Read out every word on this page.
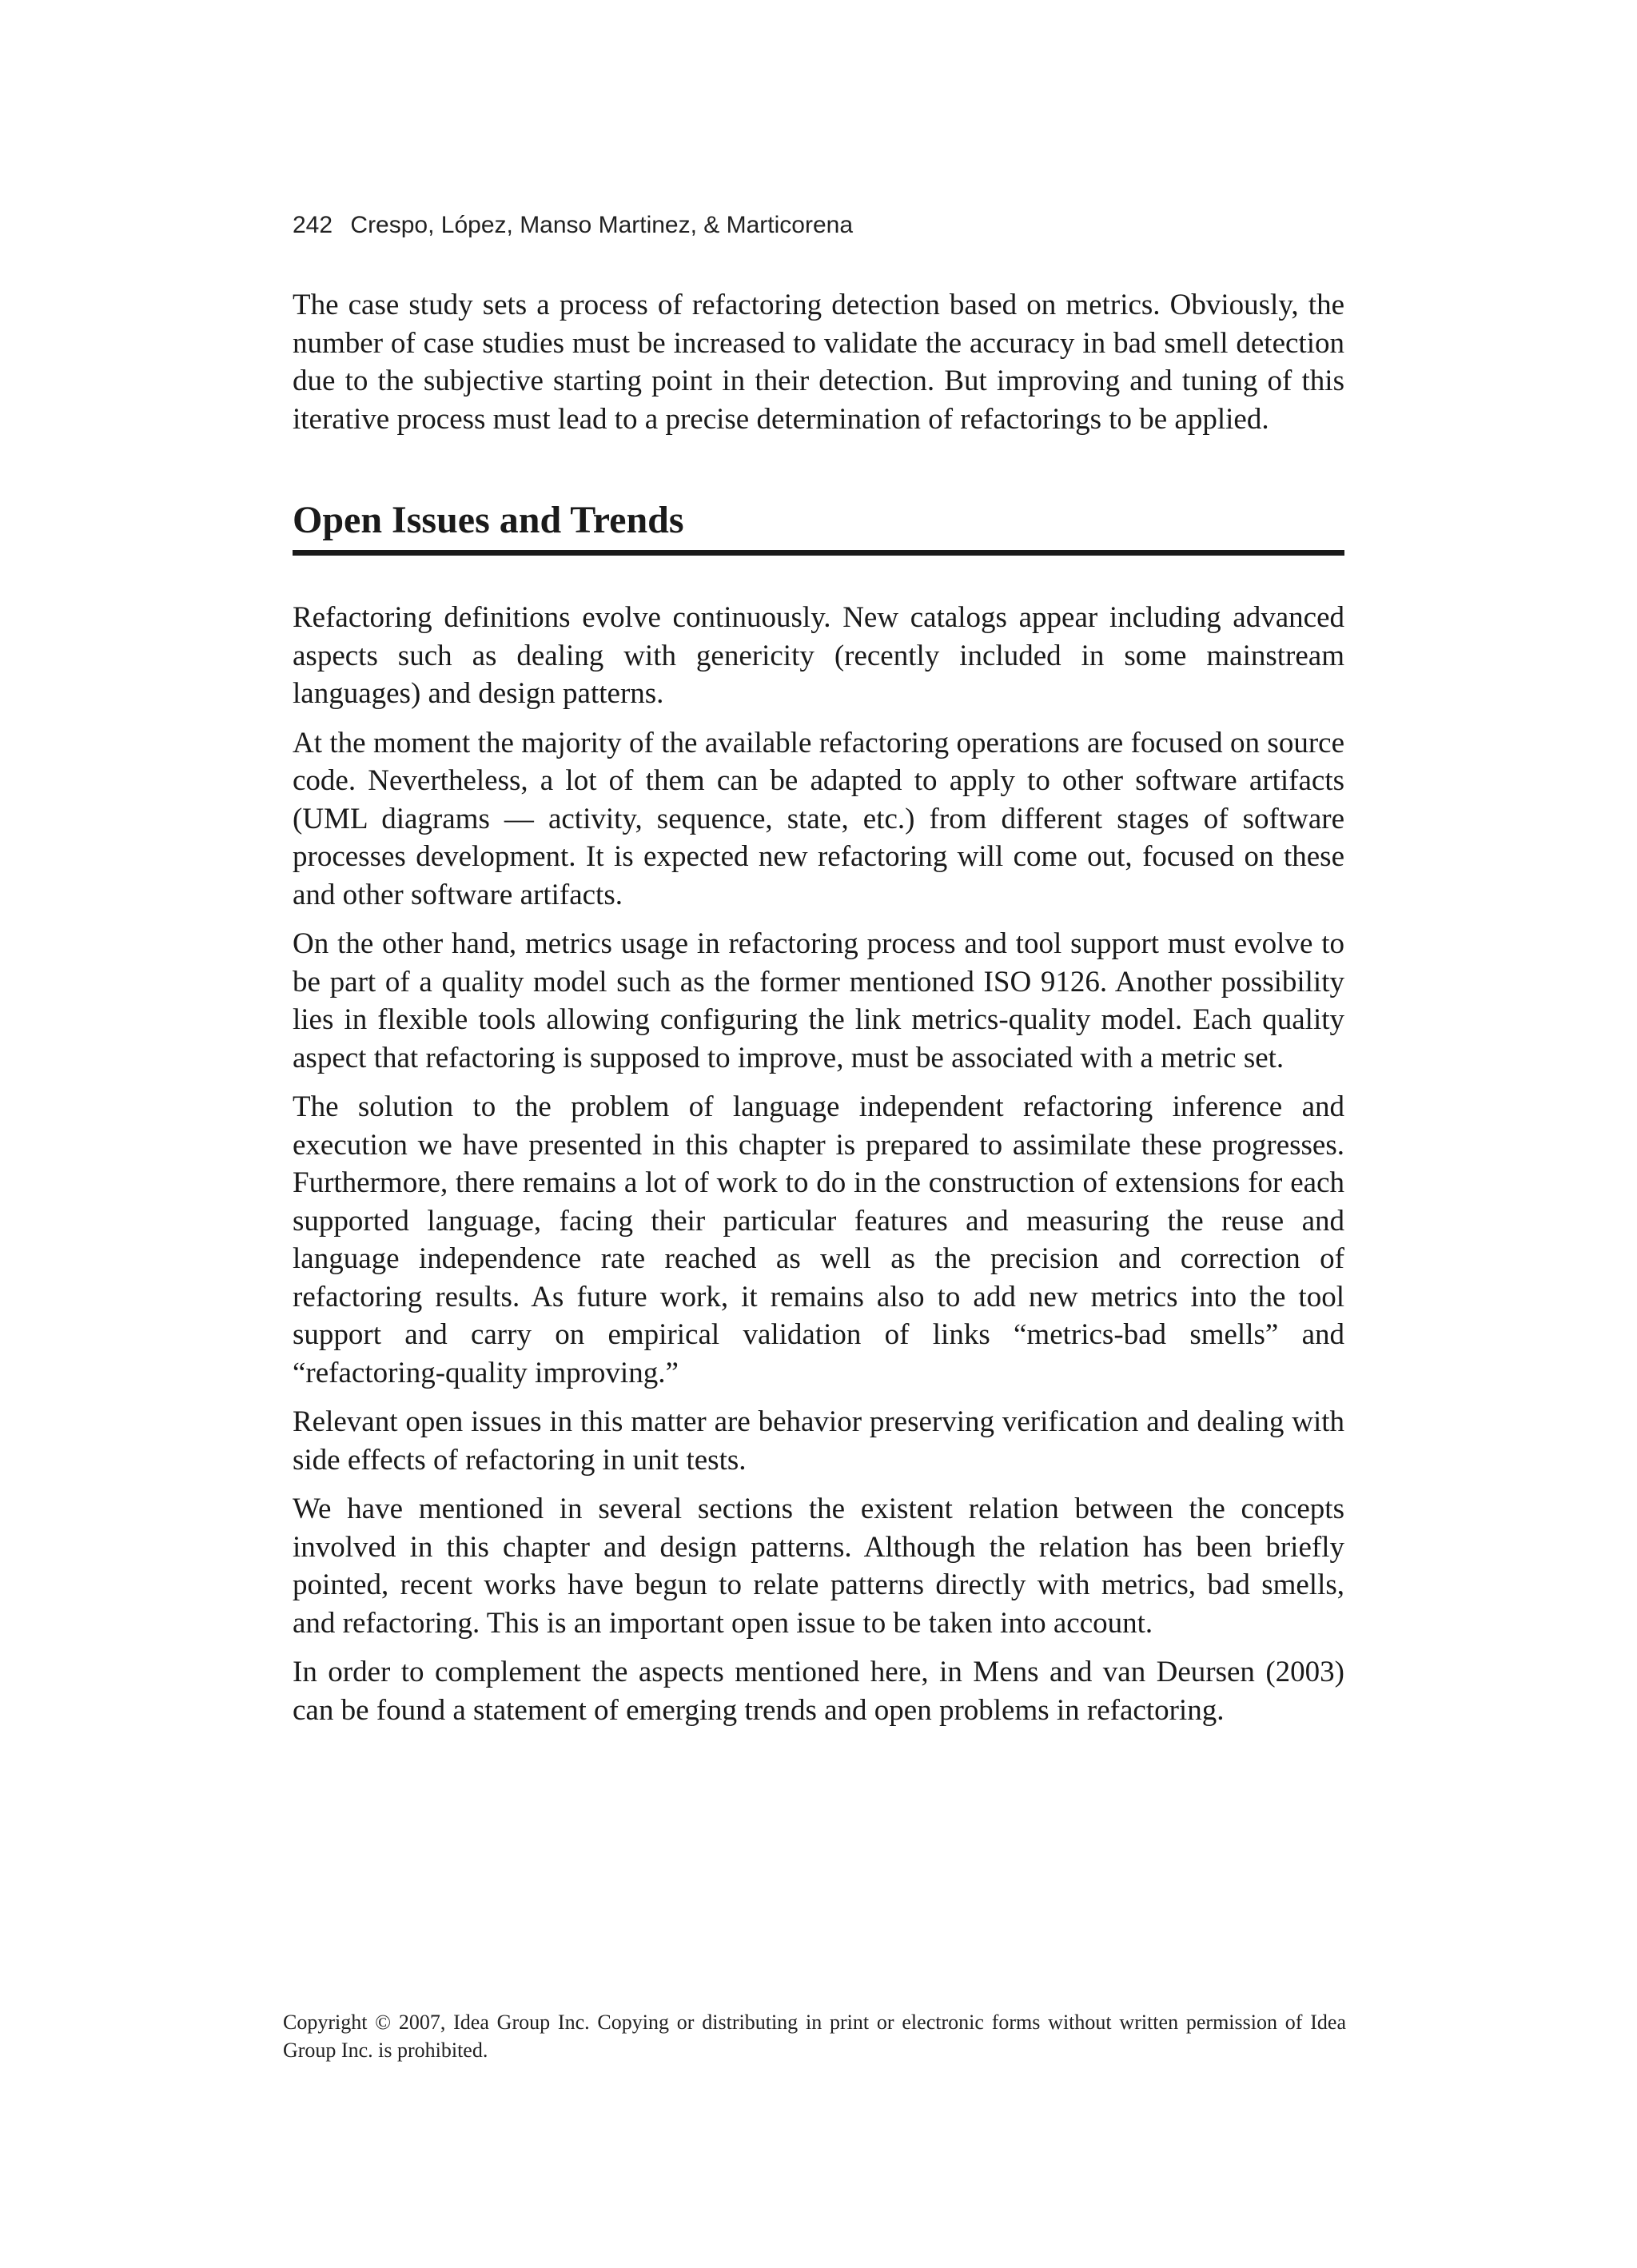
242 Crespo, López, Manso Martinez, & Marticorena

The case study sets a process of refactoring detection based on metrics. Obviously, the number of case studies must be increased to validate the accuracy in bad smell detection due to the subjective starting point in their detection. But improving and tuning of this iterative process must lead to a precise determination of refactorings to be applied.

Open Issues and Trends

Refactoring definitions evolve continuously. New catalogs appear including advanced aspects such as dealing with genericity (recently included in some mainstream languages) and design patterns.

At the moment the majority of the available refactoring operations are focused on source code. Nevertheless, a lot of them can be adapted to apply to other software artifacts (UML diagrams — activity, sequence, state, etc.) from different stages of software processes development. It is expected new refactoring will come out, focused on these and other software artifacts.

On the other hand, metrics usage in refactoring process and tool support must evolve to be part of a quality model such as the former mentioned ISO 9126. Another possibility lies in flexible tools allowing configuring the link metrics-quality model. Each quality aspect that refactoring is supposed to improve, must be associated with a metric set.

The solution to the problem of language independent refactoring inference and execution we have presented in this chapter is prepared to assimilate these progresses. Furthermore, there remains a lot of work to do in the construction of extensions for each supported language, facing their particular features and measuring the reuse and language independence rate reached as well as the precision and correction of refactoring results. As future work, it remains also to add new metrics into the tool support and carry on empirical validation of links “metrics-bad smells” and “refactoring-quality improving.”

Relevant open issues in this matter are behavior preserving verification and dealing with side effects of refactoring in unit tests.

We have mentioned in several sections the existent relation between the concepts involved in this chapter and design patterns. Although the relation has been briefly pointed, recent works have begun to relate patterns directly with metrics, bad smells, and refactoring. This is an important open issue to be taken into account.

In order to complement the aspects mentioned here, in Mens and van Deursen (2003) can be found a statement of emerging trends and open problems in refactoring.

Copyright © 2007, Idea Group Inc. Copying or distributing in print or electronic forms without written permission of Idea Group Inc. is prohibited.
